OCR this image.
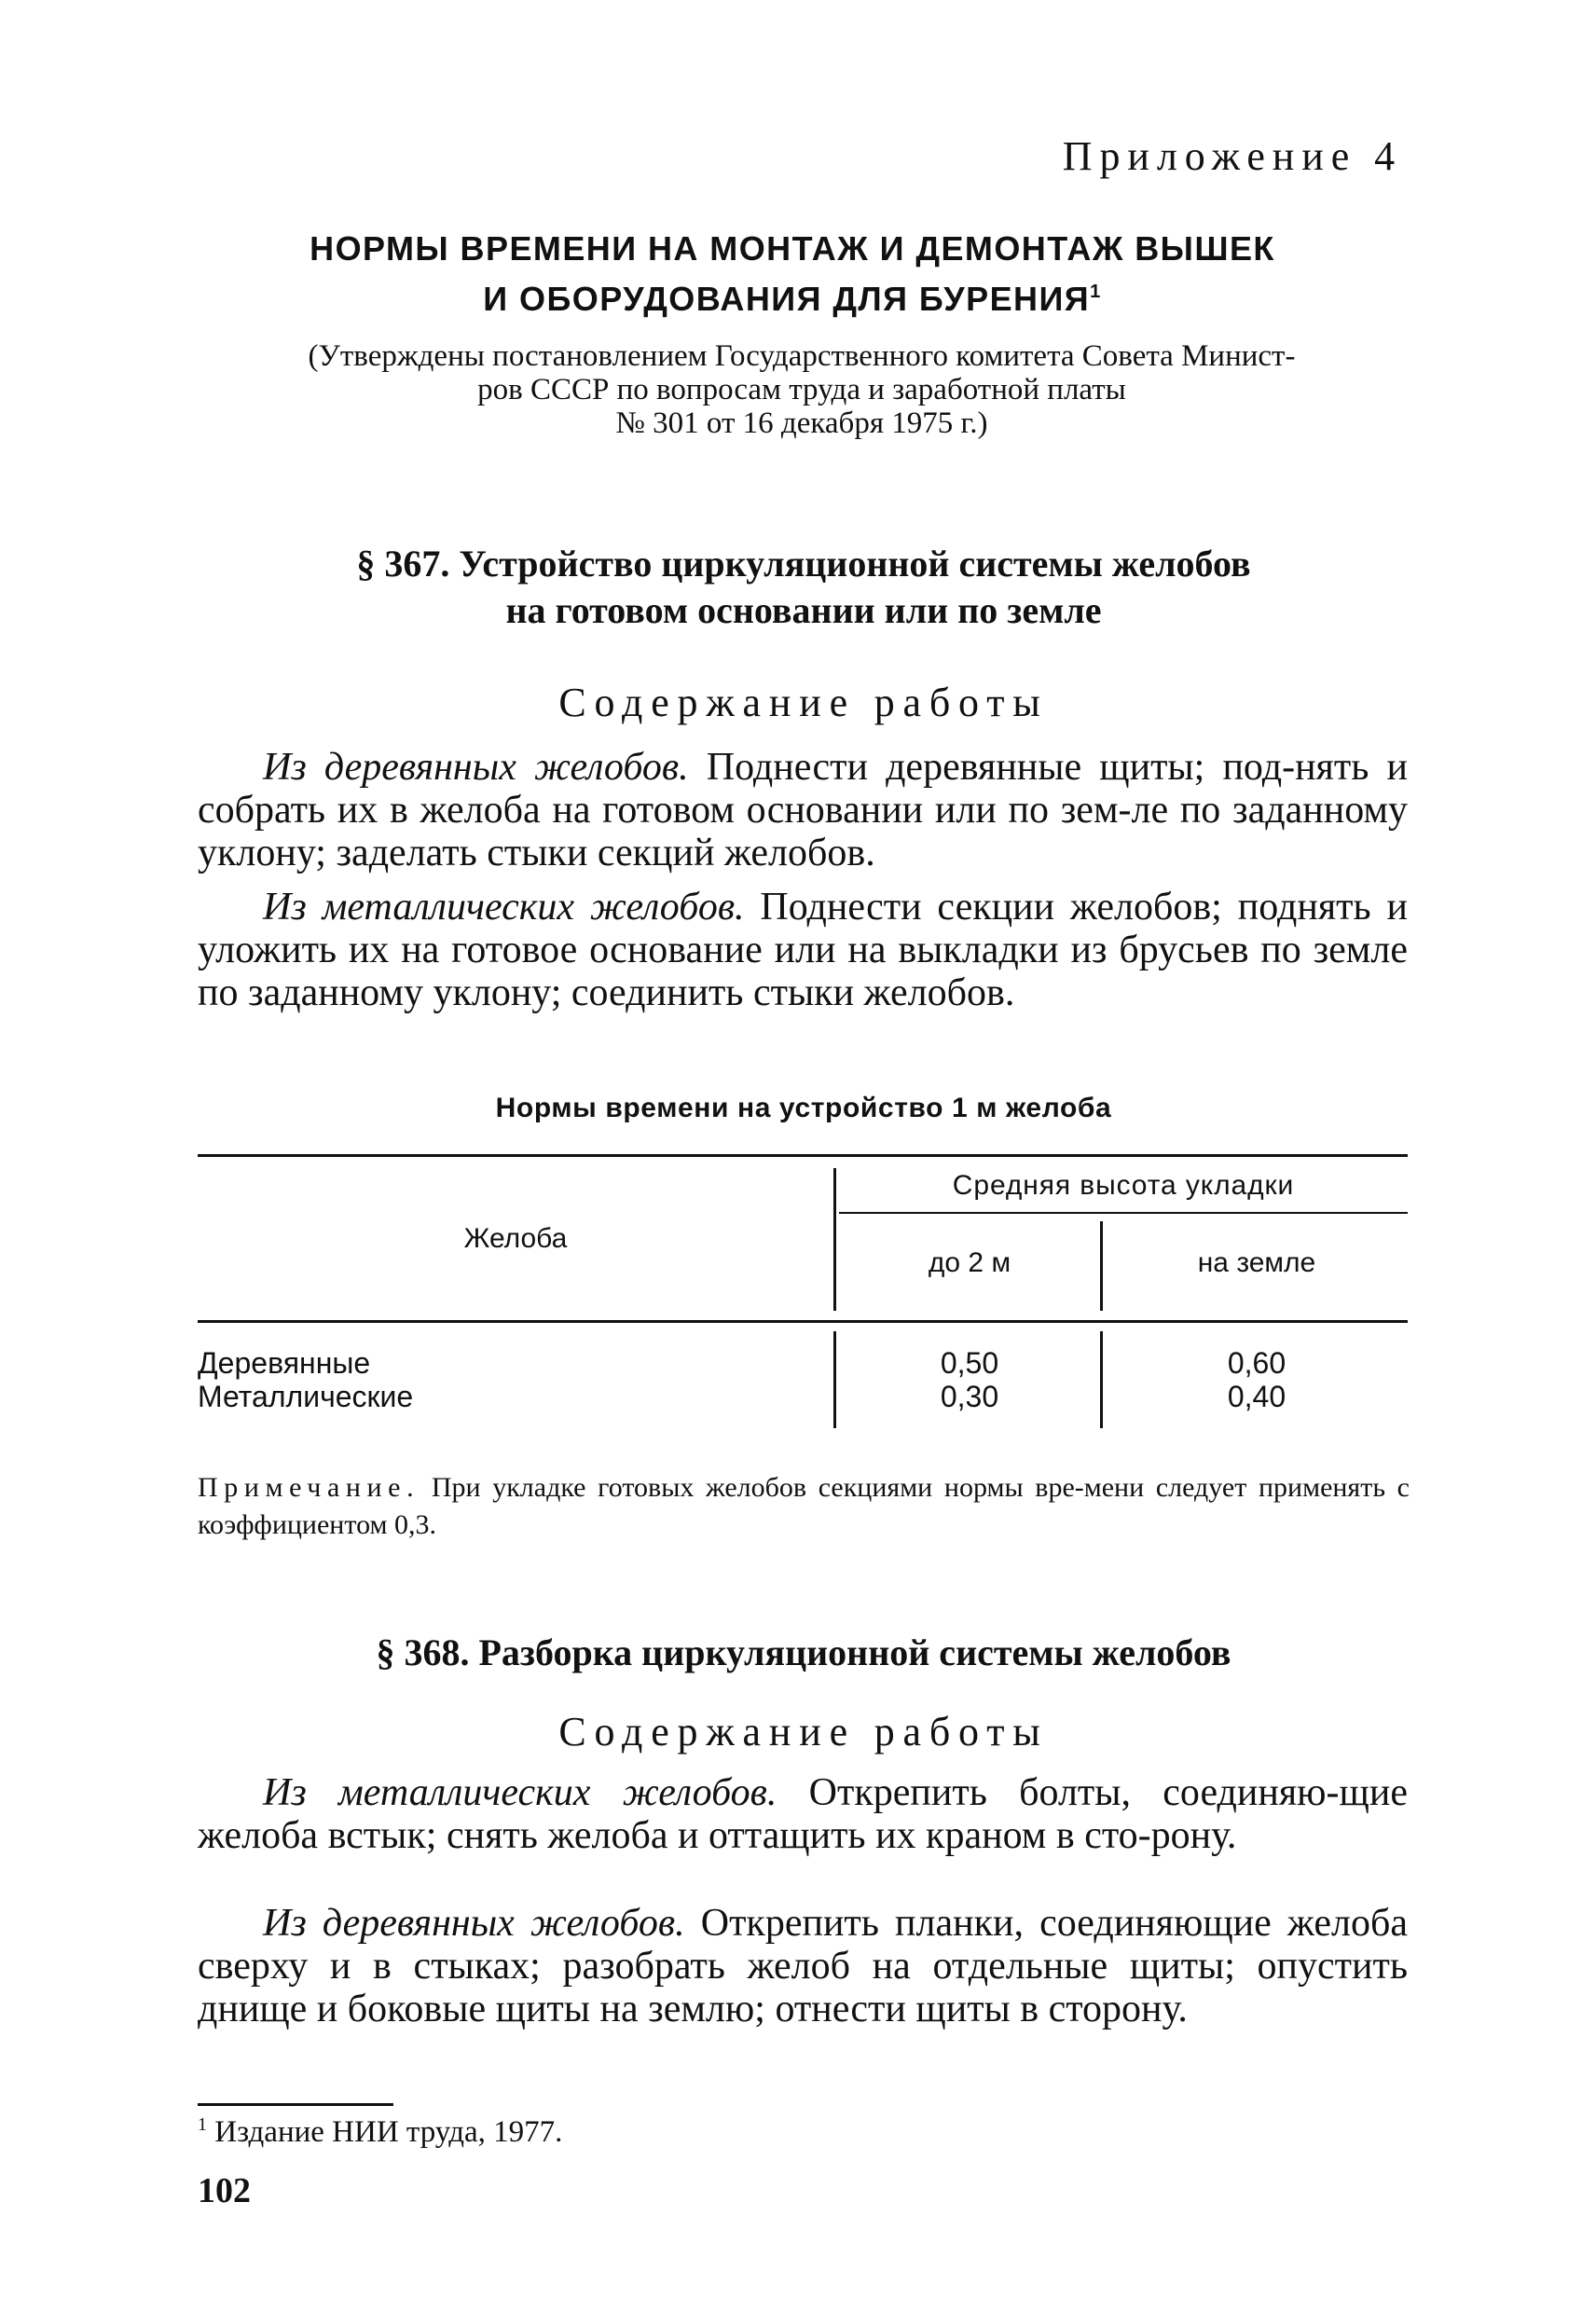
Приложение 4
НОРМЫ ВРЕМЕНИ НА МОНТАЖ И ДЕМОНТАЖ ВЫШЕК
И ОБОРУДОВАНИЯ ДЛЯ БУРЕНИЯ$^1$
(Утверждены постановлением Государственного комитета Совета Минист-
ров СССР по вопросам труда и заработной платы
№ 301 от 16 декабря 1975 г.)
§ 367. Устройство циркуляционной системы желобов
на готовом основании или по земле
Содержание работы
Из деревянных желобов. Поднести деревянные щиты; под-нять и собрать их в желоба на готовом основании или по зем-ле по заданному уклону; заделать стыки секций желобов.
Из металлических желобов. Поднести секции желобов; поднять и уложить их на готовое основание или на выкладки из брусьев по земле по заданному уклону; соединить стыки желобов.
Нормы времени на устройство 1 м желоба
Желоба
Средняя высота укладки
до 2 м	на земле
Деревянные	0,50	0,60
Металлические	0,30	0,40
Примечание. При укладке готовых желобов секциями нормы вре-мени следует применять с коэффициентом 0,3.
§ 368. Разборка циркуляционной системы желобов
Содержание работы
Из металлических желобов. Открепить болты, соединяю-щие желоба встык; снять желоба и оттащить их краном в сто-рону.
Из деревянных желобов. Открепить планки, соединяющие желоба сверху и в стыках; разобрать желоб на отдельные щиты; опустить днище и боковые щиты на землю; отнести щиты в сторону.
$^1$ Издание НИИ труда, 1977.
102
